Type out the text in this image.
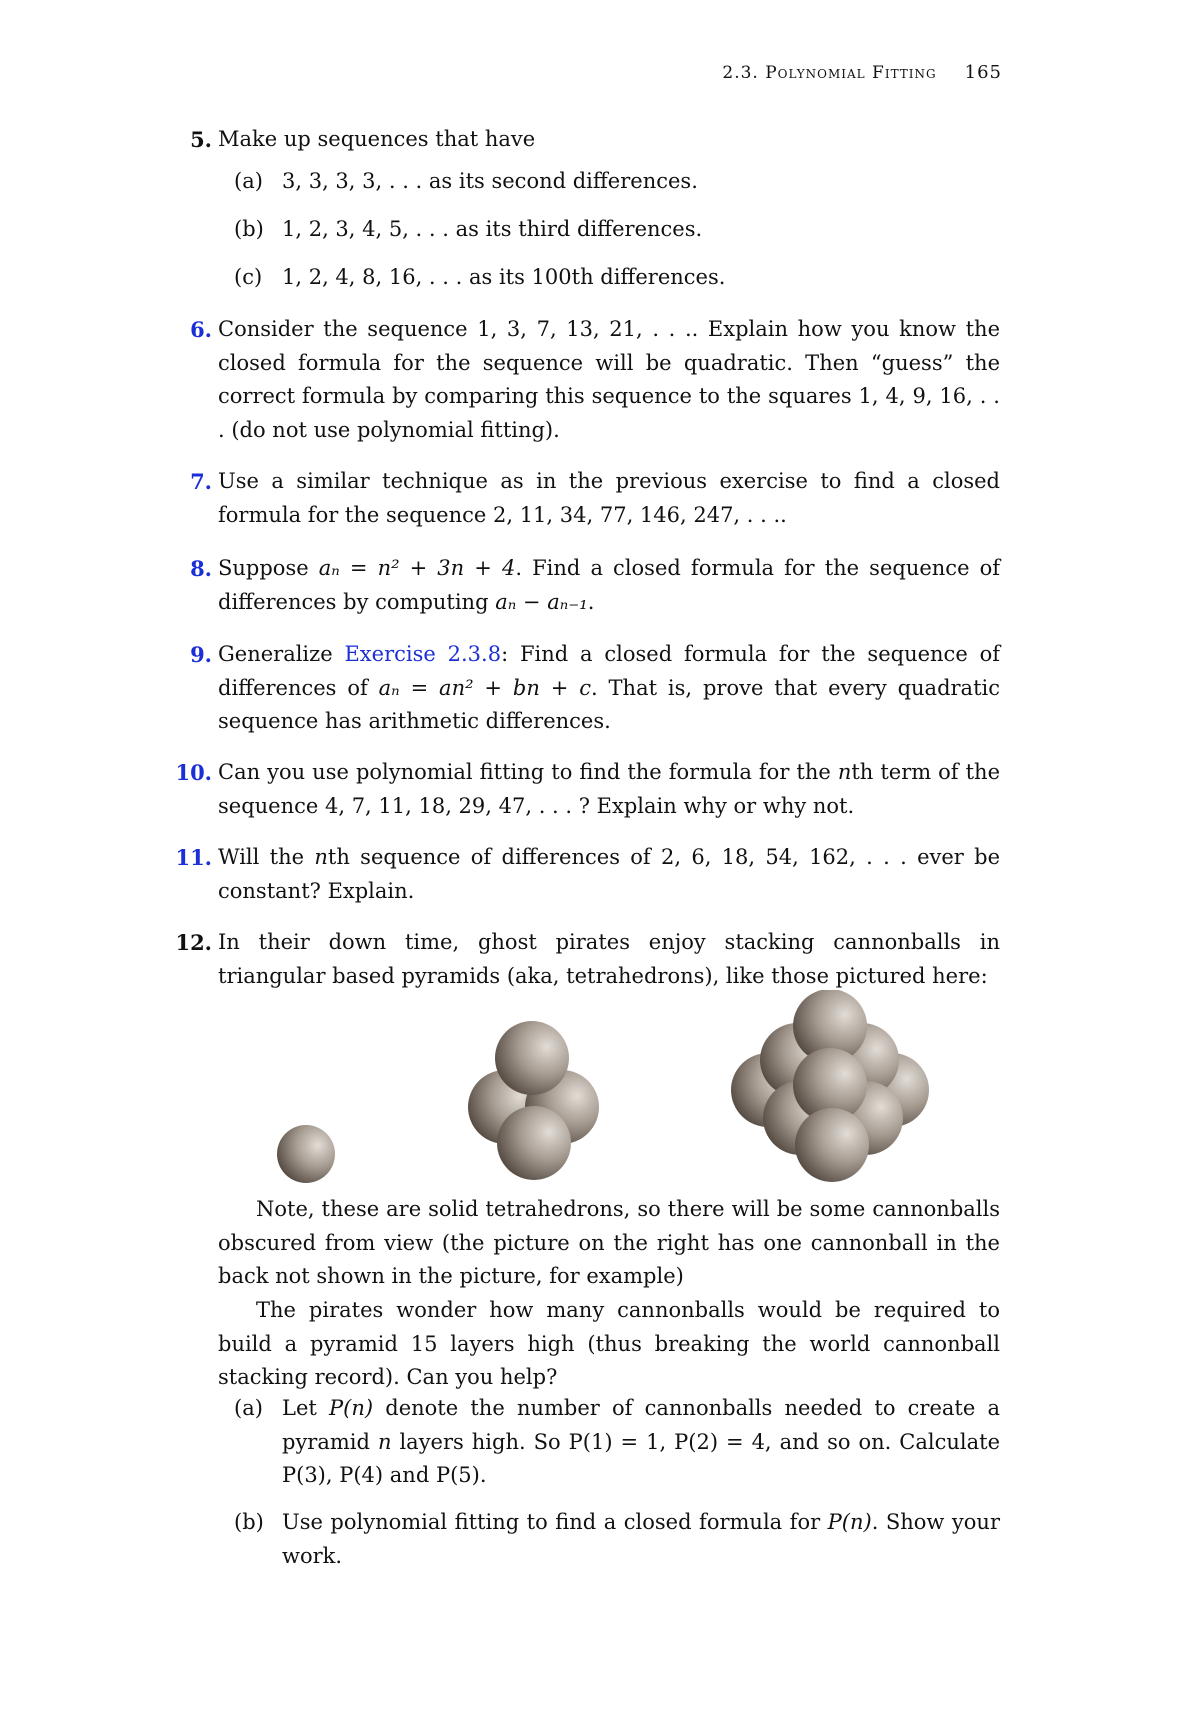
2.3. Polynomial Fitting 165
5. Make up sequences that have
(a) 3, 3, 3, 3, . . . as its second differences.
(b) 1, 2, 3, 4, 5, . . . as its third differences.
(c) 1, 2, 4, 8, 16, . . . as its 100th differences.
6. Consider the sequence 1, 3, 7, 13, 21, . . .. Explain how you know the closed formula for the sequence will be quadratic. Then “guess” the correct formula by comparing this sequence to the squares 1, 4, 9, 16, . . . (do not use polynomial fitting).
7. Use a similar technique as in the previous exercise to find a closed formula for the sequence 2, 11, 34, 77, 146, 247, . . ..
8. Suppose aₙ = n² + 3n + 4. Find a closed formula for the sequence of differences by computing aₙ − aₙ₋₁.
9. Generalize Exercise 2.3.8: Find a closed formula for the sequence of differences of aₙ = an² + bn + c. That is, prove that every quadratic sequence has arithmetic differences.
10. Can you use polynomial fitting to find the formula for the nth term of the sequence 4, 7, 11, 18, 29, 47, . . . ? Explain why or why not.
11. Will the nth sequence of differences of 2, 6, 18, 54, 162, . . . ever be constant? Explain.
12. In their down time, ghost pirates enjoy stacking cannonballs in triangular based pyramids (aka, tetrahedrons), like those pictured here:
Note, these are solid tetrahedrons, so there will be some cannonballs obscured from view (the picture on the right has one cannonball in the back not shown in the picture, for example)
The pirates wonder how many cannonballs would be required to build a pyramid 15 layers high (thus breaking the world cannonball stacking record). Can you help?
(a) Let P(n) denote the number of cannonballs needed to create a pyramid n layers high. So P(1) = 1, P(2) = 4, and so on. Calculate P(3), P(4) and P(5).
(b) Use polynomial fitting to find a closed formula for P(n). Show your work.
